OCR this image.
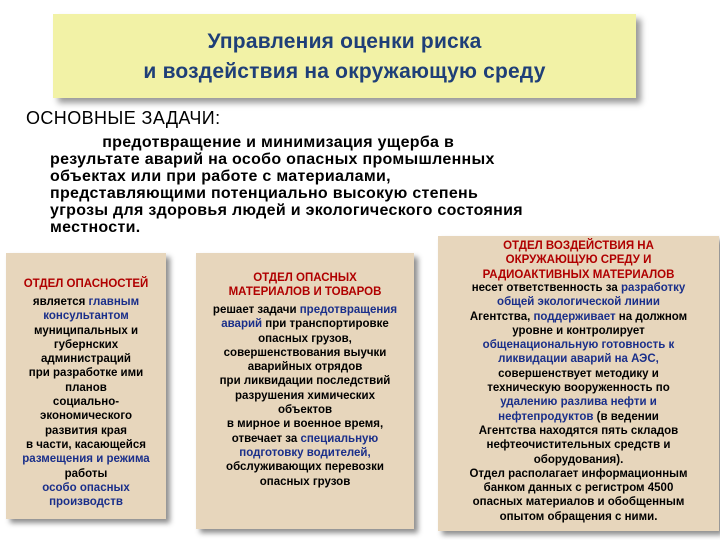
Управления оценки риска
и воздействия на окружающую среду
ОСНОВНЫЕ ЗАДАЧИ:
предотвращение и минимизация ущерба в
результате аварий на особо опасных промышленных
объектах или при работе с материалами,
представляющими потенциально высокую степень
угрозы для здоровья людей и экологического состояния
местности.
ОТДЕЛ ОПАСНОСТЕЙ
является главным
консультантом
муниципальных и
губернских
администраций
при разработке ими
планов
социально-
экономического
развития края
в части, касающейся
размещения и режима
работы
особо опасных
производств
ОТДЕЛ ОПАСНЫХ
МАТЕРИАЛОВ И ТОВАРОВ
решает задачи предотвращения
аварий при транспортировке
опасных грузов,
совершенствования выучки
аварийных отрядов
при ликвидации последствий
разрушения химических
объектов
в мирное и военное время,
отвечает за специальную
подготовку водителей,
обслуживающих перевозки
опасных грузов
ОТДЕЛ ВОЗДЕЙСТВИЯ НА
ОКРУЖАЮЩУЮ СРЕДУ И
РАДИОАКТИВНЫХ МАТЕРИАЛОВ
несет ответственность за разработку
общей экологической линии
Агентства, поддерживает на должном
уровне и контролирует
общенациональную готовность к
ликвидации аварий на АЭС,
совершенствует методику и
техническую вооруженность по
удалению разлива нефти и
нефтепродуктов (в ведении
Агентства находятся пять складов
нефтеочистительных средств и
оборудования).
Отдел располагает информационным
банком данных с регистром 4500
опасных материалов и обобщенным
опытом обращения с ними.
